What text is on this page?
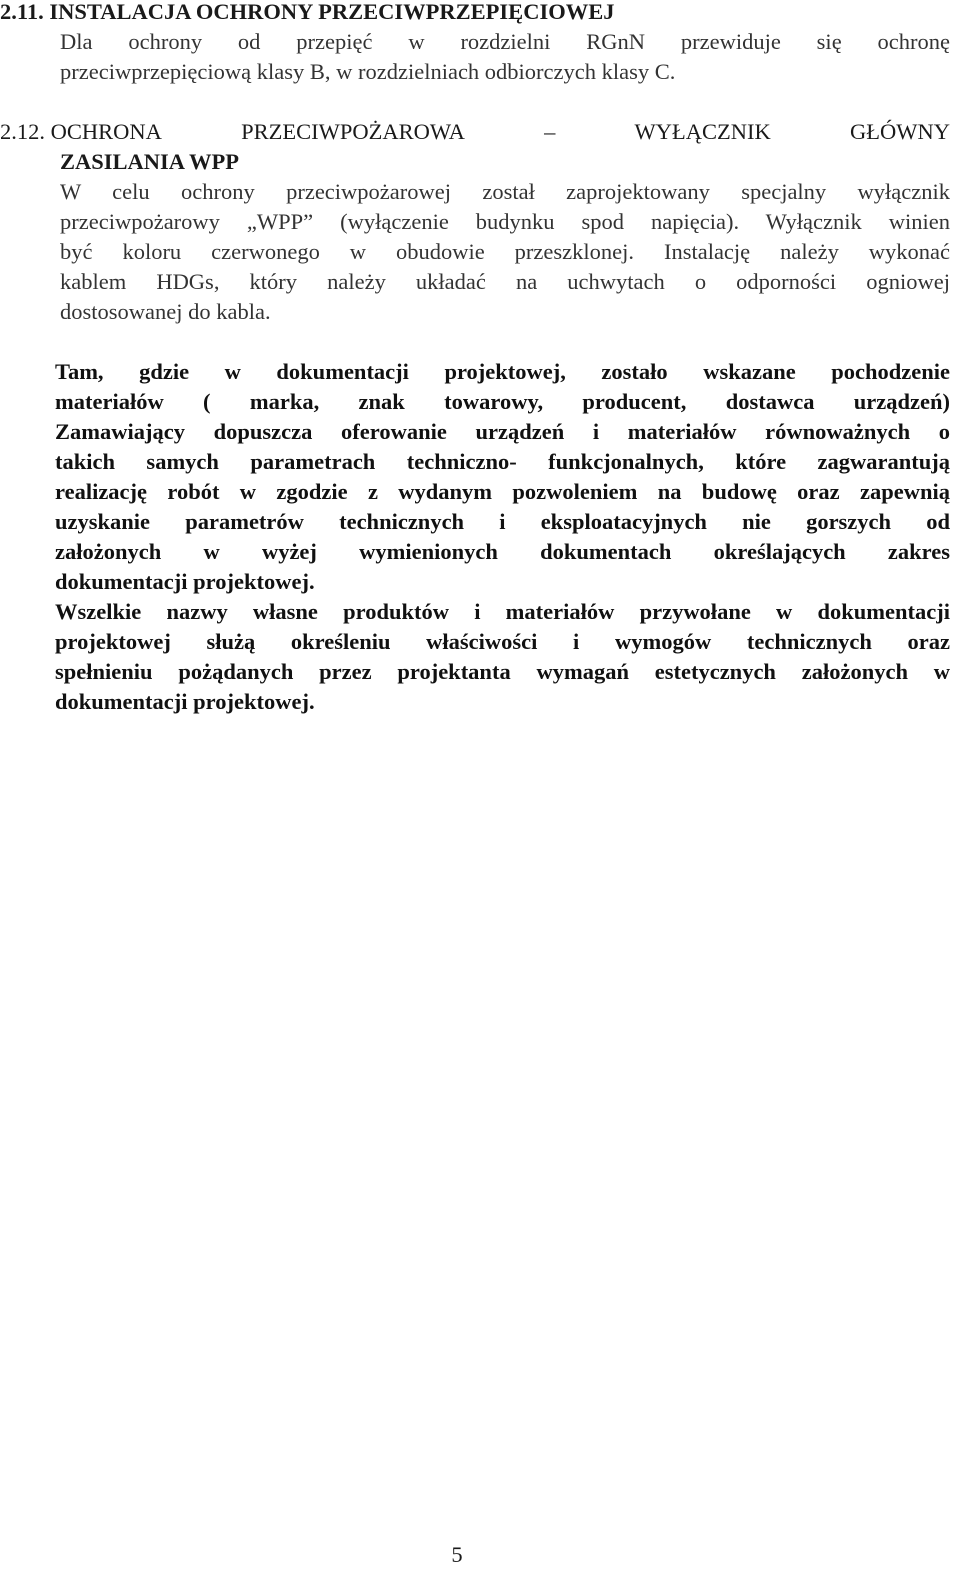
2.11. INSTALACJA OCHRONY PRZECIWPRZEPIĘCIOWEJ

Dla ochrony od przepięć w rozdzielni RGnN przewiduje się ochronę
przeciwprzepięciową klasy B, w rozdzielniach odbiorczych klasy C.

2.12. OCHRONA	PRZECIWPOŻAROWA	–	WYŁĄCZNIK	GŁÓWNY

ZASILANIA WPP

W celu ochrony przeciwpożarowej został zaprojektowany specjalny wyłącznik
przeciwpożarowy „WPP” (wyłączenie budynku spod napięcia). Wyłącznik winien
być koloru czerwonego w obudowie przeszklonej. Instalację należy wykonać
kablem HDGs, który należy układać na uchwytach o odporności ogniowej
dostosowanej do kabla.
Tam, gdzie w dokumentacji projektowej, zostało wskazane pochodzenie
materiałów ( marka, znak towarowy, producent, dostawca urządzeń)
Zamawiający dopuszcza oferowanie urządzeń i materiałów równoważnych o
takich samych parametrach techniczno- funkcjonalnych, które zagwarantują
realizację robót w zgodzie z wydanym pozwoleniem na budowę oraz zapewnią
uzyskanie parametrów technicznych i eksploatacyjnych nie gorszych od
założonych w wyżej wymienionych dokumentach określających zakres
dokumentacji projektowej.
Wszelkie nazwy własne produktów i materiałów przywołane w dokumentacji
projektowej służą określeniu właściwości i wymogów technicznych oraz
spełnieniu pożądanych przez projektanta wymagań estetycznych założonych w
dokumentacji projektowej.
5
